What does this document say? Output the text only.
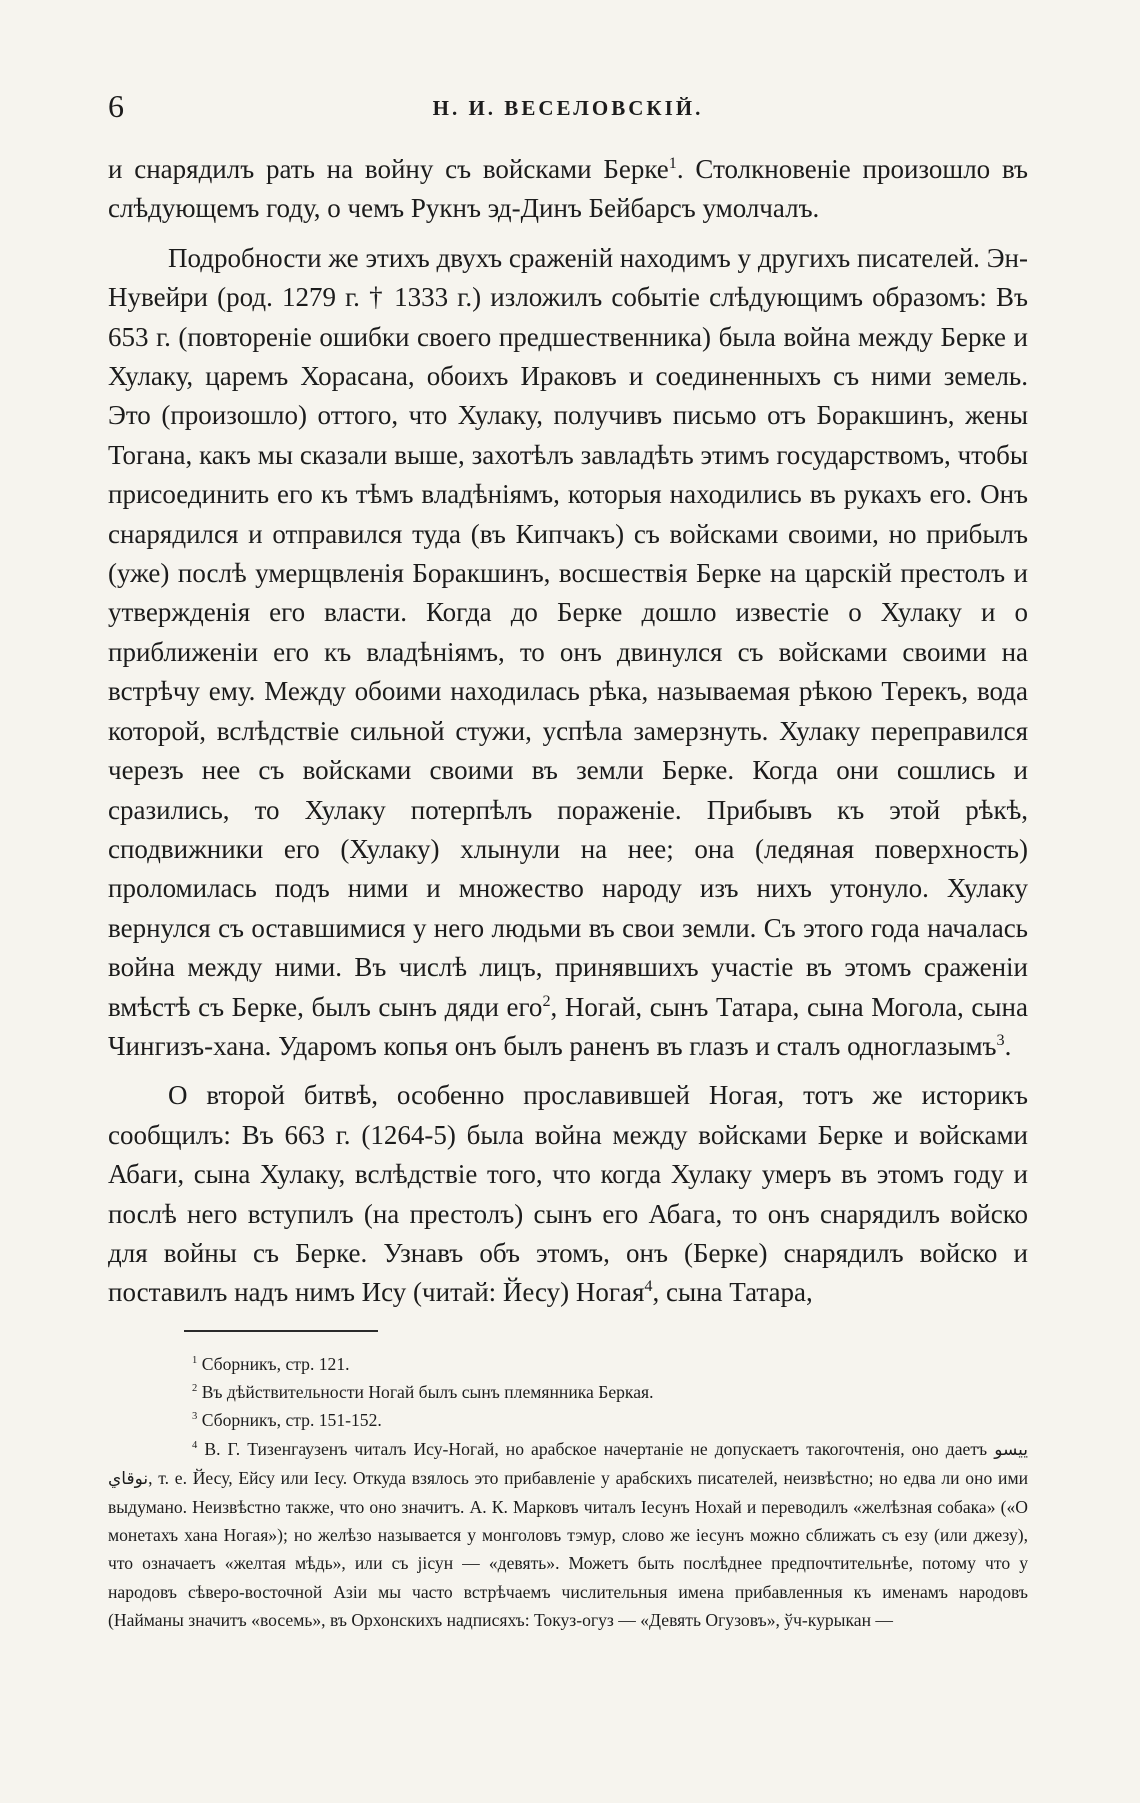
6	Н. И. ВЕСЕЛОВСКІЙ.

и снарядилъ рать на войну съ войсками Берке$^1$. Столкновеніе произошло въ слѣдующемъ году, о чемъ Рукнъ эд-Динъ Бейбарсъ умолчалъ.

Подробности же этихъ двухъ сраженій находимъ у другихъ писателей. Эн-Нувейри (род. 1279 г. † 1333 г.) изложилъ событіе слѣдующимъ образомъ: Въ 653 г. (повтореніе ошибки своего предшественника) была война между Берке и Хулаку, царемъ Хорасана, обоихъ Ираковъ и соединенныхъ съ ними земель. Это (произошло) оттого, что Хулаку, получивъ письмо отъ Боракшинъ, жены Тогана, какъ мы сказали выше, захотѣлъ завладѣть этимъ государствомъ, чтобы присоединить его къ тѣмъ владѣніямъ, которыя находились въ рукахъ его. Онъ снарядился и отправился туда (въ Кипчакъ) съ войсками своими, но прибылъ (уже) послѣ умерщвленія Боракшинъ, восшествія Берке на царскій престолъ и утвержденія его власти. Когда до Берке дошло известіе о Хулаку и о приближеніи его къ владѣніямъ, то онъ двинулся съ войсками своими на встрѣчу ему. Между обоими находилась рѣка, называемая рѣкою Терекъ, вода которой, вслѣдствіе сильной стужи, успѣла замерзнуть. Хулаку переправился черезъ нее съ войсками своими въ земли Берке. Когда они сошлись и сразились, то Хулаку потерпѣлъ пораженіе. Прибывъ къ этой рѣкѣ, сподвижники его (Хулаку) хлынули на нее; она (ледяная поверхность) проломилась подъ ними и множество народу изъ нихъ утонуло. Хулаку вернулся съ оставшимися у него людьми въ свои земли. Съ этого года началась война между ними. Въ числѣ лицъ, принявшихъ участіе въ этомъ сраженіи вмѣстѣ съ Берке, былъ сынъ дяди его$^2$, Ногай, сынъ Татара, сына Могола, сына Чингизъ-хана. Ударомъ копья онъ былъ раненъ въ глазъ и сталъ одноглазымъ$^3$.

О второй битвѣ, особенно прославившей Ногая, тотъ же историкъ сообщилъ: Въ 663 г. (1264-5) была война между войсками Берке и войсками Абаги, сына Хулаку, вслѣдствіе того, что когда Хулаку умеръ въ этомъ году и послѣ него вступилъ (на престолъ) сынъ его Абага, то онъ снарядилъ войско для войны съ Берке. Узнавъ объ этомъ, онъ (Берке) снарядилъ войско и поставилъ надъ нимъ Ису (читай: Йесу) Ногая$^4$, сына Татара,

$^1$ Сборникъ, стр. 121.

$^2$ Въ дѣйствительности Ногай былъ сынъ племянника Беркая.

$^3$ Сборникъ, стр. 151-152.

$^4$ В. Г. Тизенгаузенъ читалъ Ису-Ногай, но арабское начертаніе не допускаетъ такогочтенія, оно даетъ ييسو نوقاي, т. е. Йесу, Ейсу или Іесу. Откуда взялось это прибавленіе у арабскихъ писателей, неизвѣстно; но едва ли оно ими выдумано. Неизвѣстно также, что оно значитъ. А. К. Марковъ читалъ Іесунъ Нохай и переводилъ «желѣзная собака» («О монетахъ хана Ногая»); но желѣзо называется у монголовъ тэмур, слово же іесунъ можно сближать съ езу (или джезу), что означаетъ «желтая мѣдь», или съ jiсун — «девять». Можетъ быть послѣднее предпочтительнѣе, потому что у народовъ сѣверо-восточной Азіи мы часто встрѣчаемъ числительныя имена прибавленныя къ именамъ народовъ (Найманы значитъ «восемь», въ Орхонскихъ надписяхъ: Токуз-огуз — «Девять Огузовъ», ўч-курыкан —
